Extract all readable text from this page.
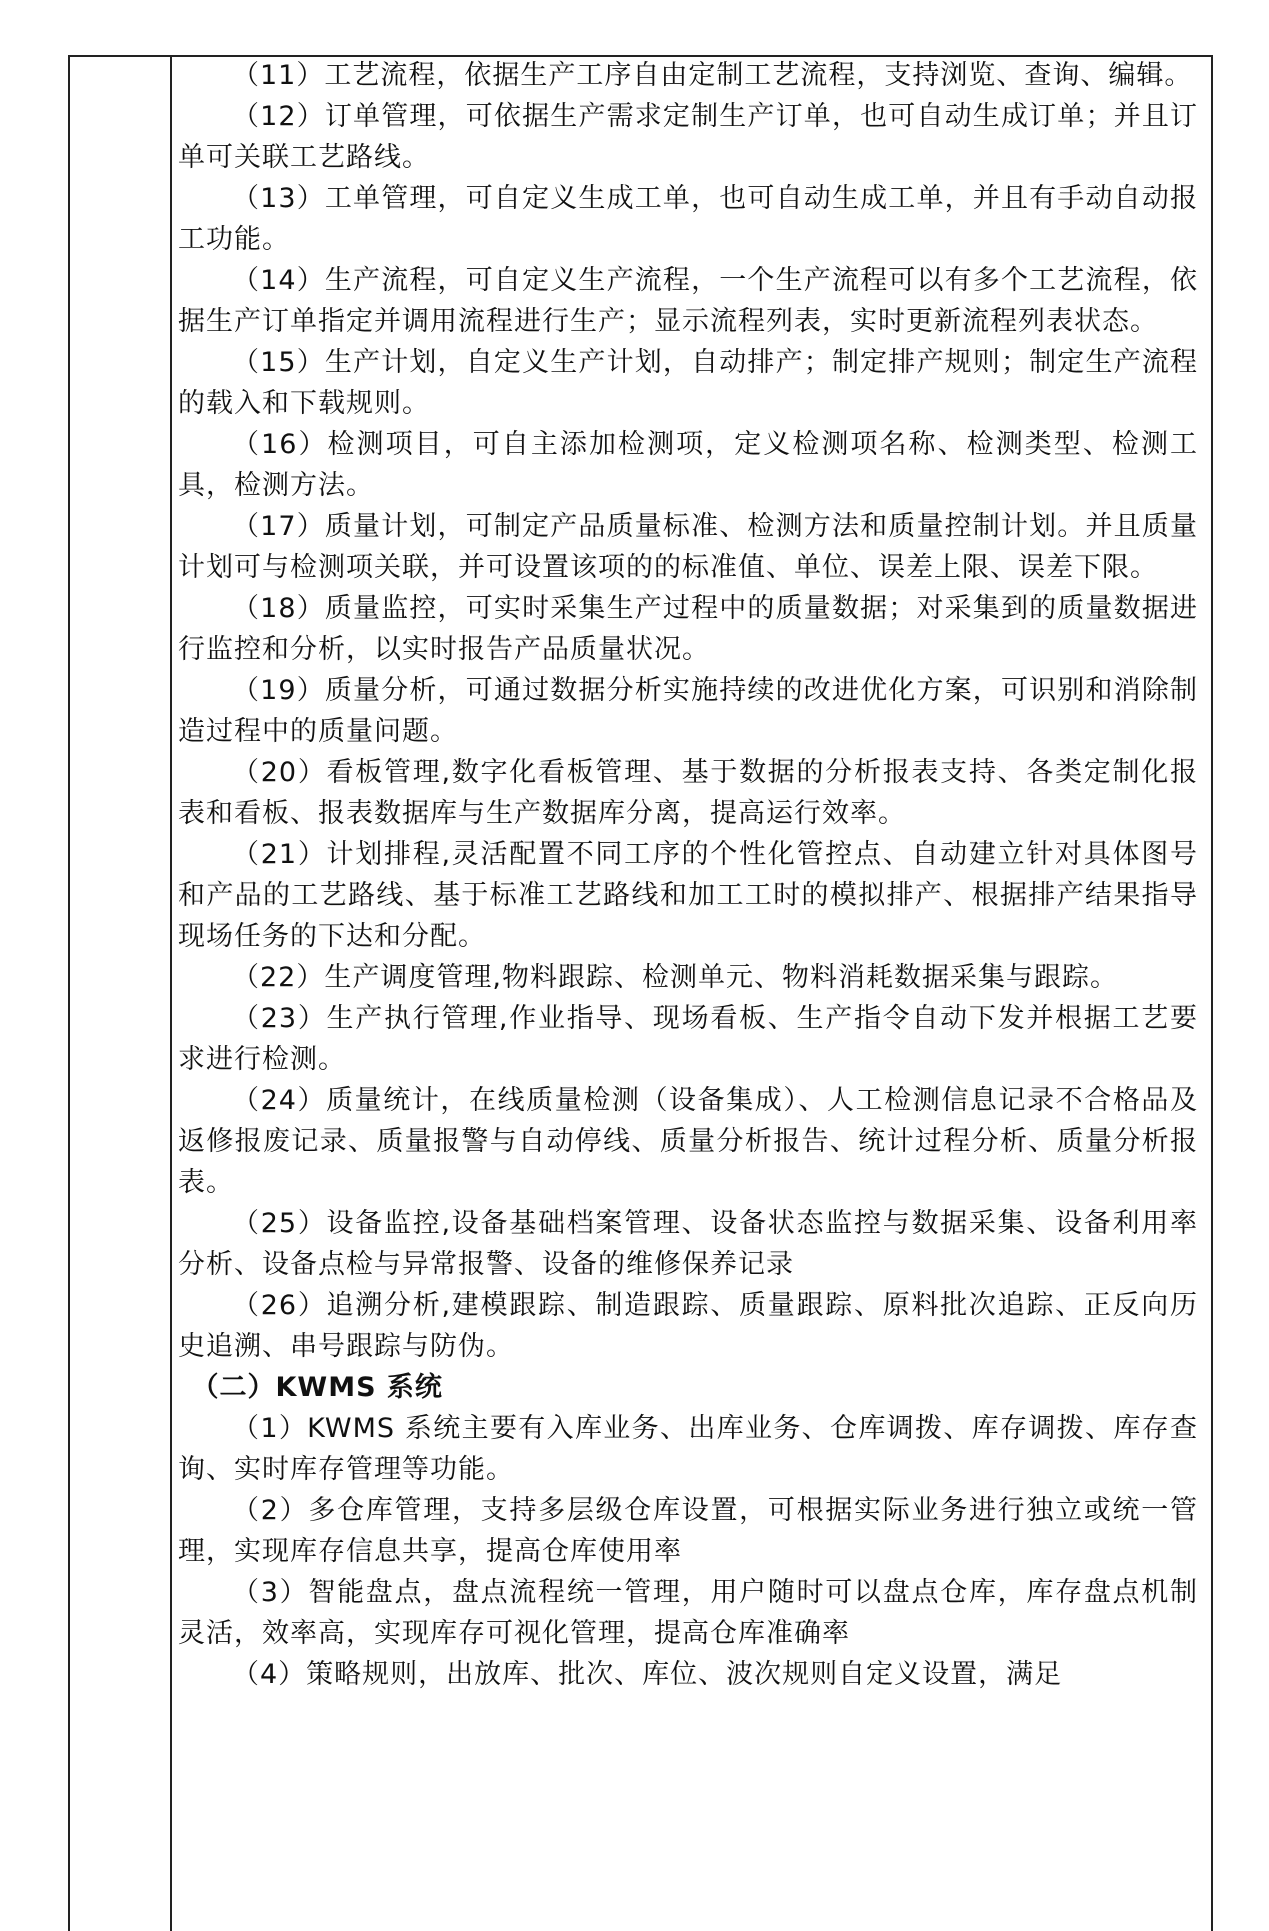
（11）工艺流程，依据生产工序自由定制工艺流程，支持浏览、查询、编辑。

（12）订单管理，可依据生产需求定制生产订单，也可自动生成订单；并且订单可关联工艺路线。

（13）工单管理，可自定义生成工单，也可自动生成工单，并且有手动自动报工功能。

（14）生产流程，可自定义生产流程，一个生产流程可以有多个工艺流程，依据生产订单指定并调用流程进行生产；显示流程列表，实时更新流程列表状态。

（15）生产计划，自定义生产计划，自动排产；制定排产规则；制定生产流程的载入和下载规则。

（16）检测项目，可自主添加检测项，定义检测项名称、检测类型、检测工具，检测方法。

（17）质量计划，可制定产品质量标准、检测方法和质量控制计划。并且质量计划可与检测项关联，并可设置该项的的标准值、单位、误差上限、误差下限。

（18）质量监控，可实时采集生产过程中的质量数据；对采集到的质量数据进行监控和分析，以实时报告产品质量状况。

（19）质量分析，可通过数据分析实施持续的改进优化方案，可识别和消除制造过程中的质量问题。

（20）看板管理,数字化看板管理、基于数据的分析报表支持、各类定制化报表和看板、报表数据库与生产数据库分离，提高运行效率。

（21）计划排程,灵活配置不同工序的个性化管控点、自动建立针对具体图号和产品的工艺路线、基于标准工艺路线和加工工时的模拟排产、根据排产结果指导现场任务的下达和分配。

（22）生产调度管理,物料跟踪、检测单元、物料消耗数据采集与跟踪。

（23）生产执行管理,作业指导、现场看板、生产指令自动下发并根据工艺要求进行检测。

（24）质量统计，在线质量检测（设备集成）、人工检测信息记录不合格品及返修报废记录、质量报警与自动停线、质量分析报告、统计过程分析、质量分析报表。

（25）设备监控,设备基础档案管理、设备状态监控与数据采集、设备利用率分析、设备点检与异常报警、设备的维修保养记录

（26）追溯分析,建模跟踪、制造跟踪、质量跟踪、原料批次追踪、正反向历史追溯、串号跟踪与防伪。

（二）KWMS 系统

（1）KWMS 系统主要有入库业务、出库业务、仓库调拨、库存调拨、库存查询、实时库存管理等功能。

（2）多仓库管理，支持多层级仓库设置，可根据实际业务进行独立或统一管理，实现库存信息共享，提高仓库使用率

（3）智能盘点，盘点流程统一管理，用户随时可以盘点仓库，库存盘点机制灵活，效率高，实现库存可视化管理，提高仓库准确率

（4）策略规则，出放库、批次、库位、波次规则自定义设置，满足
